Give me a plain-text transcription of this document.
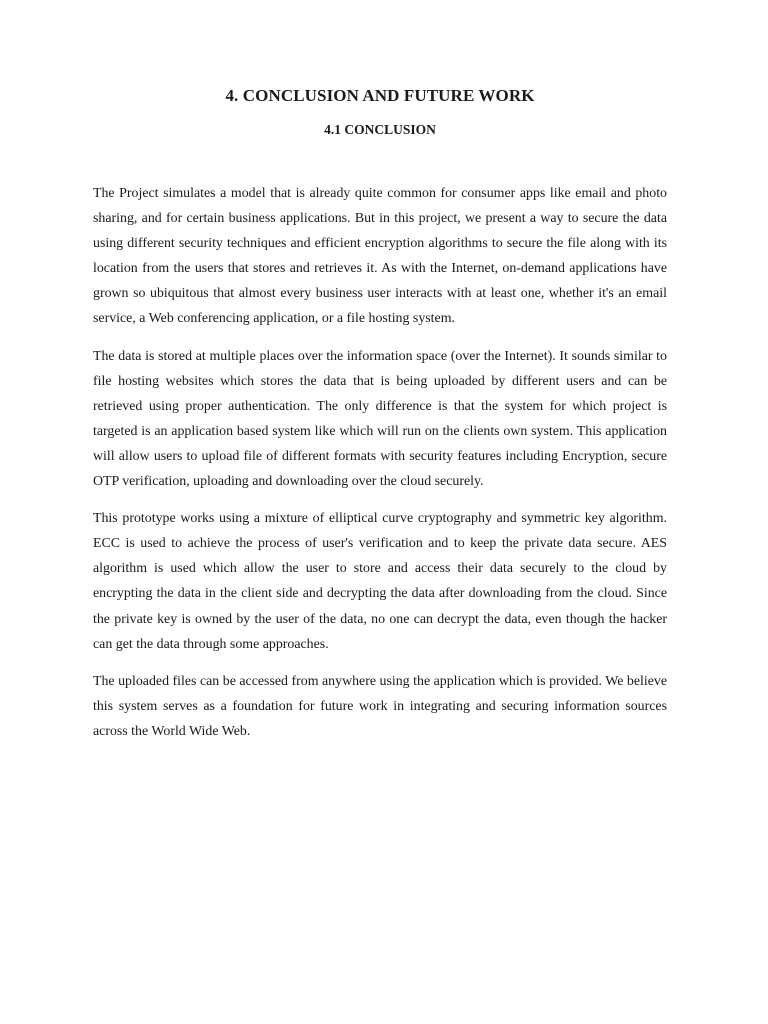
4. CONCLUSION AND FUTURE WORK
4.1 CONCLUSION

The Project simulates a model that is already quite common for consumer apps like email and photo sharing, and for certain business applications. But in this project, we present a way to secure the data using different security techniques and efficient encryption algorithms to secure the file along with its location from the users that stores and retrieves it. As with the Internet, on-demand applications have grown so ubiquitous that almost every business user interacts with at least one, whether it's an email service, a Web conferencing application, or a file hosting system.

The data is stored at multiple places over the information space (over the Internet). It sounds similar to file hosting websites which stores the data that is being uploaded by different users and can be retrieved using proper authentication. The only difference is that the system for which project is targeted is an application based system like which will run on the clients own system. This application will allow users to upload file of different formats with security features including Encryption, secure OTP verification, uploading and downloading over the cloud securely.

This prototype works using a mixture of elliptical curve cryptography and symmetric key algorithm. ECC is used to achieve the process of user's verification and to keep the private data secure. AES algorithm is used which allow the user to store and access their data securely to the cloud by encrypting the data in the client side and decrypting the data after downloading from the cloud. Since the private key is owned by the user of the data, no one can decrypt the data, even though the hacker can get the data through some approaches.

The uploaded files can be accessed from anywhere using the application which is provided. We believe this system serves as a foundation for future work in integrating and securing information sources across the World Wide Web.
